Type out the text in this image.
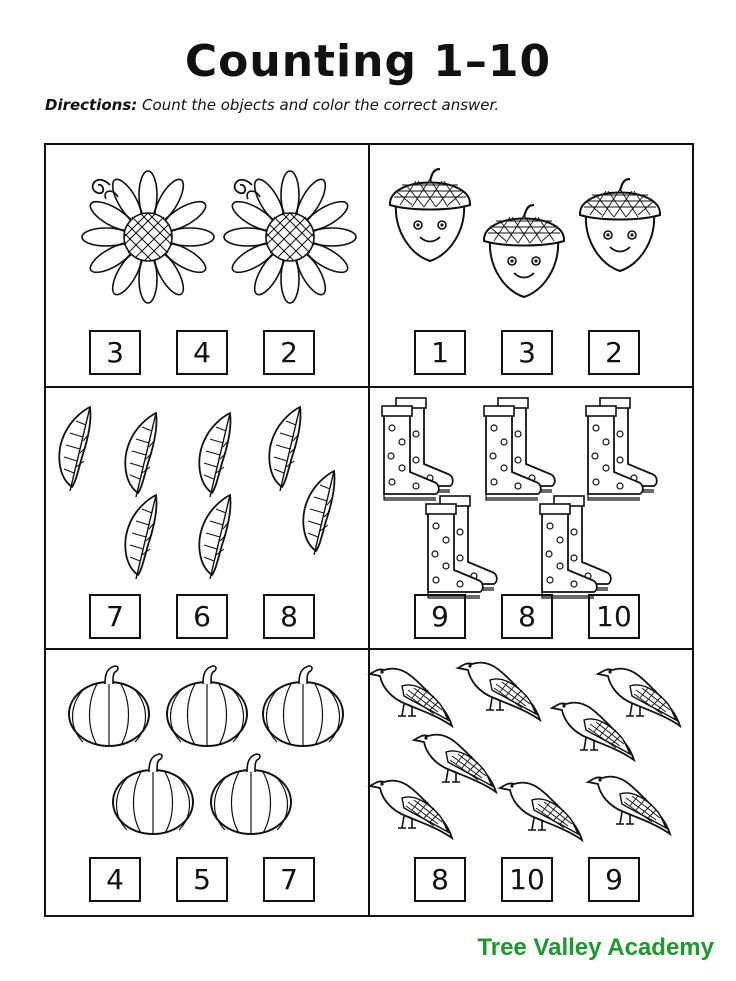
Counting 1–10
Directions: Count the objects and color the correct answer.
3	4	2	1	3	2
7	6	8	9	8	10
4	5	7	8	10	9
Tree Valley Academy
